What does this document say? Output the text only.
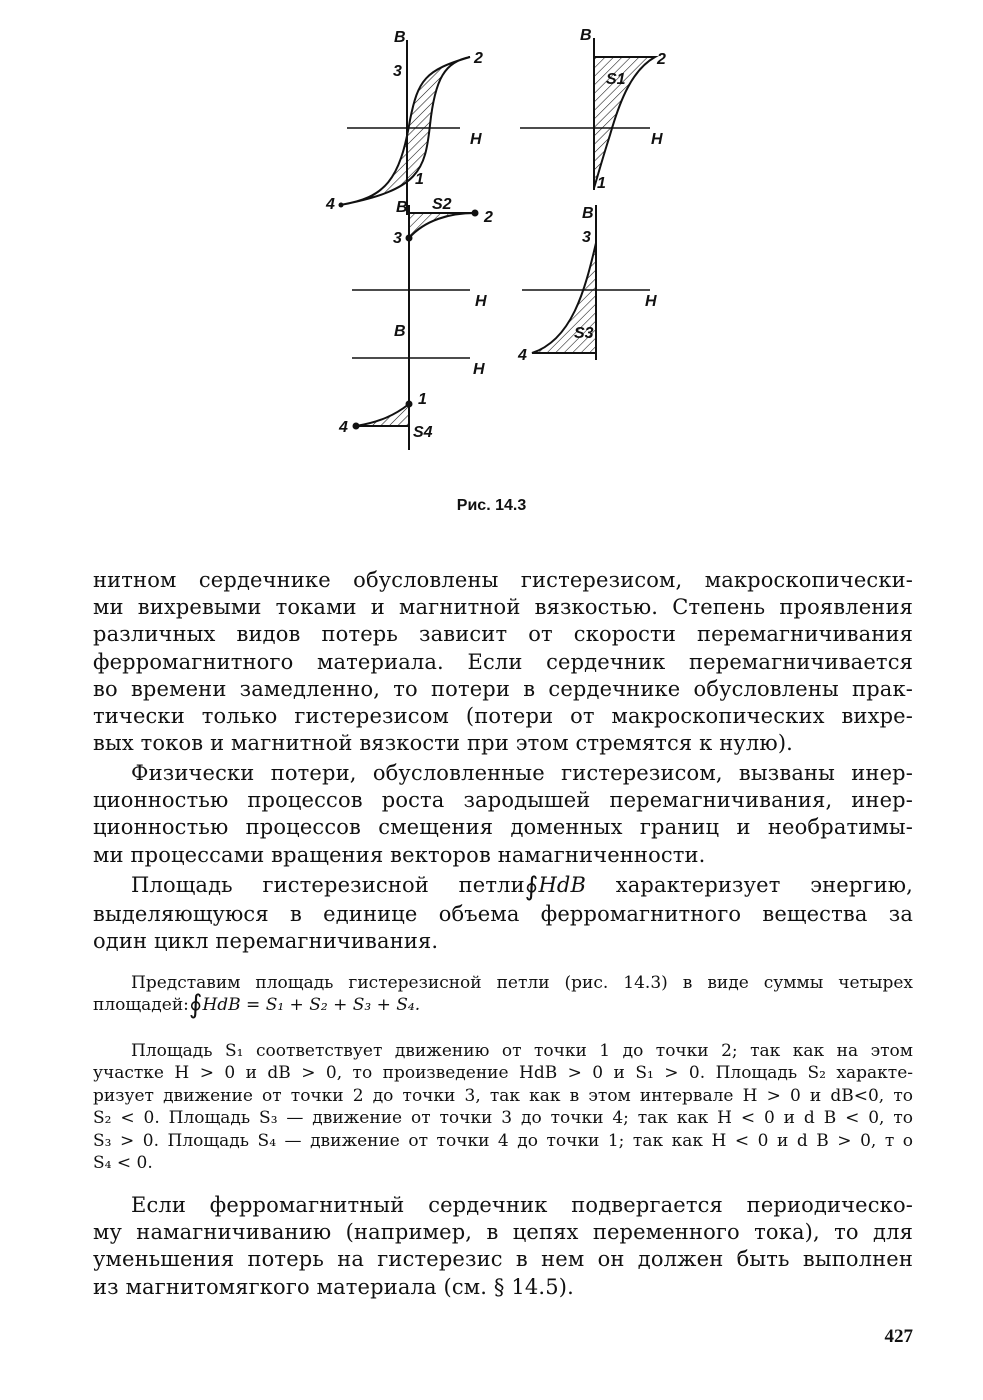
B
H
2
3
1
4
B
H
2
1
S1
B
H
2
3
S2
B
H
3
4
S3
B
H
1
4	S4
Рис. 14.3
нитном сердечнике обусловлены гистерезисом, макроскопически-
ми вихревыми токами и магнитной вязкостью. Степень проявления
различных видов потерь зависит от скорости перемагничивания
ферромагнитного материала. Если сердечник перемагничивается
во времени замедленно, то потери в сердечнике обусловлены прак-
тически только гистерезисом (потери от макроскопических вихре-
вых токов и магнитной вязкости при этом стремятся к нулю).
Физически потери, обусловленные гистерезисом, вызваны инер-
ционностью процессов роста зародышей перемагничивания, инер-
ционностью процессов смещения доменных границ и необратимы-
ми процессами вращения векторов намагниченности.
Площадь гистерезисной петли∮HdB характеризует энергию,
выделяющуюся в единице объема ферромагнитного вещества за
один цикл перемагничивания.
Представим площадь гистерезисной петли (рис. 14.3) в виде суммы четырех
площадей:∮HdB = S₁ + S₂ + S₃ + S₄.
Площадь S₁ соответствует движению от точки 1 до точки 2; так как на этом
участке H > 0 и dB > 0, то произведение HdB > 0 и S₁ > 0. Площадь S₂ характе-
ризует движение от точки 2 до точки 3, так как в этом интервале H > 0 и dB<0, то
S₂ < 0. Площадь S₃ — движение от точки 3 до точки 4; так как H < 0 и d B < 0, то
S₃ > 0. Площадь S₄ — движение от точки 4 до точки 1; так как H < 0 и d B > 0, т о
S₄ < 0.
Если ферромагнитный сердечник подвергается периодическо-
му намагничиванию (например, в цепях переменного тока), то для
уменьшения потерь на гистерезис в нем он должен быть выполнен
из магнитомягкого материала (см. § 14.5).
427
